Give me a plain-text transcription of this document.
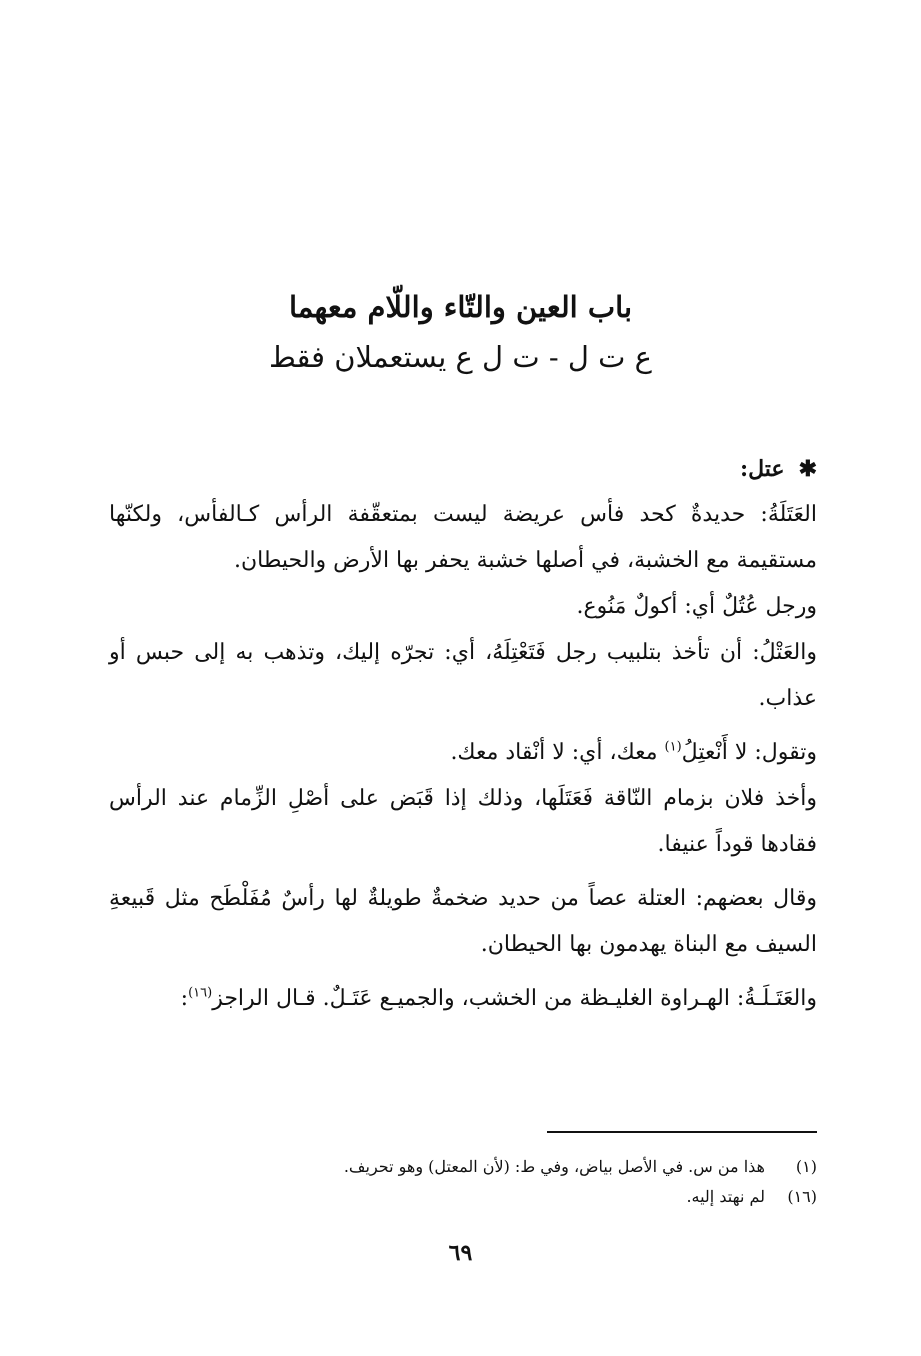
باب العين والتّاء واللّام معهما

ع ت ل - ت ل ع يستعملان فقط

✱عتل:

العَتَلَةُ: حديدةٌ كحد فأس عريضة ليست بمتعقّفة الرأس كـالفأس، ولكنّها مستقيمة مع الخشبة، في أصلها خشبة يحفر بها الأرض والحيطان.

ورجل عُتُلٌ أي: أكولٌ مَنُوع.

والعَتْلُ: أن تأخذ بتلبيب رجل فَتَعْتِلَهُ، أي: تجرّه إليك، وتذهب به إلى حبس أو عذاب.

وتقول: لا أَنْعتِلُ$^{(١)}$ معك، أي: لا أنْقاد معك.

وأخذ فلان بزمام النّاقة فَعَتَلَها، وذلك إذا قَبَض على أصْلِ الزِّمام عند الرأس فقادها قوداً عنيفا.

وقال بعضهم: العتلة عصاً من حديد ضخمةٌ طويلةٌ لها رأسٌ مُفَلْطَح مثل قَبيعةِ السيف مع البناة يهدمون بها الحيطان.

والعَتَـلَـةُ: الهـراوة الغليـظة من الخشب، والجميـع عَتَـلٌ. قـال الراجز$^{(١٦)}$:

(١)هذا من س. في الأصل بياض، وفي ط: (لأن المعتل) وهو تحريف.

(١٦)لم نهتد إليه.

٦٩
